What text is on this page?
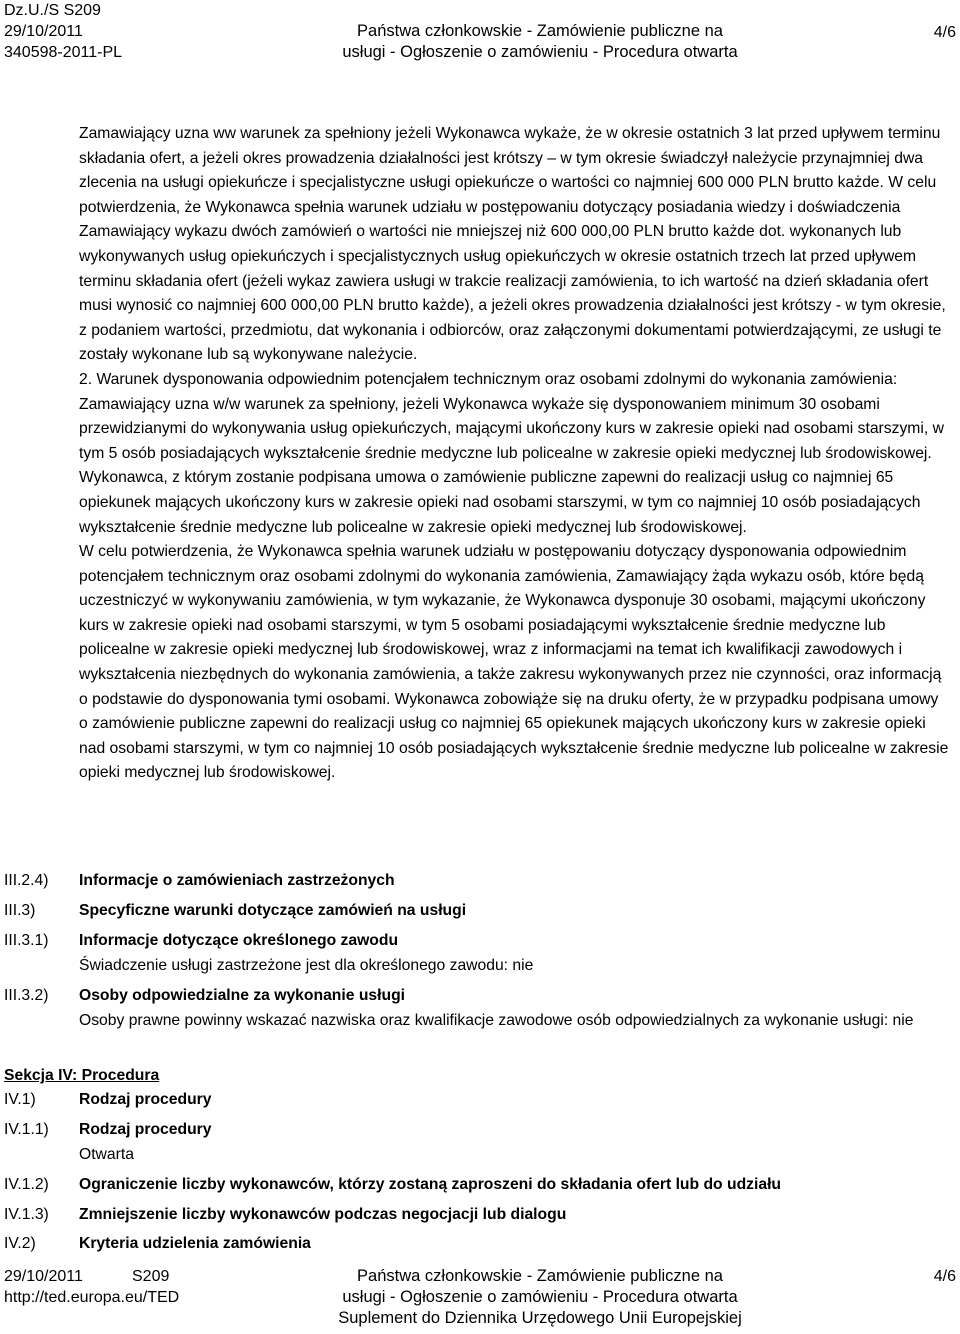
Dz.U./S S209
29/10/2011
340598-2011-PL
Państwa członkowskie - Zamówienie publiczne na
usługi - Ogłoszenie o zamówieniu - Procedura otwarta
4/6

Zamawiający uzna ww warunek za spełniony jeżeli Wykonawca wykaże, że w okresie ostatnich 3 lat przed upływem terminu składania ofert, a jeżeli okres prowadzenia działalności jest krótszy – w tym okresie świadczył należycie przynajmniej dwa zlecenia na usługi opiekuńcze i specjalistyczne usługi opiekuńcze o wartości co najmniej 600 000 PLN brutto każde. W celu potwierdzenia, że Wykonawca spełnia warunek udziału w postępowaniu dotyczący posiadania wiedzy i doświadczenia Zamawiający wykazu dwóch zamówień o wartości nie mniejszej niż 600 000,00 PLN brutto każde dot. wykonanych lub wykonywanych usług opiekuńczych i specjalistycznych usług opiekuńczych w okresie ostatnich trzech lat przed upływem terminu składania ofert (jeżeli wykaz zawiera usługi w trakcie realizacji zamówienia, to ich wartość na dzień składania ofert musi wynosić co najmniej 600 000,00 PLN brutto każde), a jeżeli okres prowadzenia działalności jest krótszy - w tym okresie, z podaniem wartości, przedmiotu, dat wykonania i odbiorców, oraz załączonymi dokumentami potwierdzającymi, ze usługi te zostały wykonane lub są wykonywane należycie.

2. Warunek dysponowania odpowiednim potencjałem technicznym oraz osobami zdolnymi do wykonania zamówienia: Zamawiający uzna w/w warunek za spełniony, jeżeli Wykonawca wykaże się dysponowaniem minimum 30 osobami przewidzianymi do wykonywania usług opiekuńczych, mającymi ukończony kurs w zakresie opieki nad osobami starszymi, w tym 5 osób posiadających wykształcenie średnie medyczne lub policealne w zakresie opieki medycznej lub środowiskowej. Wykonawca, z którym zostanie podpisana umowa o zamówienie publiczne zapewni do realizacji usług co najmniej 65 opiekunek mających ukończony kurs w zakresie opieki nad osobami starszymi, w tym co najmniej 10 osób posiadających wykształcenie średnie medyczne lub policealne w zakresie opieki medycznej lub środowiskowej.

W celu potwierdzenia, że Wykonawca spełnia warunek udziału w postępowaniu dotyczący dysponowania odpowiednim potencjałem technicznym oraz osobami zdolnymi do wykonania zamówienia, Zamawiający żąda wykazu osób, które będą uczestniczyć w wykonywaniu zamówienia, w tym wykazanie, że Wykonawca dysponuje 30 osobami, mającymi ukończony kurs w zakresie opieki nad osobami starszymi, w tym 5 osobami posiadającymi wykształcenie średnie medyczne lub policealne w zakresie opieki medycznej lub środowiskowej, wraz z informacjami na temat ich kwalifikacji zawodowych i wykształcenia niezbędnych do wykonania zamówienia, a także zakresu wykonywanych przez nie czynności, oraz informacją o podstawie do dysponowania tymi osobami. Wykonawca zobowiąże się na druku oferty, że w przypadku podpisana umowy o zamówienie publiczne zapewni do realizacji usług co najmniej 65 opiekunek mających ukończony kurs w zakresie opieki nad osobami starszymi, w tym co najmniej 10 osób posiadających wykształcenie średnie medyczne lub policealne w zakresie opieki medycznej lub środowiskowej.

III.2.4) Informacje o zamówieniach zastrzeżonych
III.3)	Specyficzne warunki dotyczące zamówień na usługi
III.3.1) Informacje dotyczące określonego zawodu
Świadczenie usługi zastrzeżone jest dla określonego zawodu: nie
III.3.2) Osoby odpowiedzialne za wykonanie usługi
Osoby prawne powinny wskazać nazwiska oraz kwalifikacje zawodowe osób odpowiedzialnych za wykonanie usługi: nie
Sekcja IV: Procedura
IV.1)	Rodzaj procedury
IV.1.1) Rodzaj procedury
Otwarta
IV.1.2) Ograniczenie liczby wykonawców, którzy zostaną zaproszeni do składania ofert lub do udziału
IV.1.3) Zmniejszenie liczby wykonawców podczas negocjacji lub dialogu
IV.2)	Kryteria udzielenia zamówienia
29/10/2011	S209
http://ted.europa.eu/TED
Państwa członkowskie - Zamówienie publiczne na
usługi - Ogłoszenie o zamówieniu - Procedura otwarta
Suplement do Dziennika Urzędowego Unii Europejskiej
4/6
